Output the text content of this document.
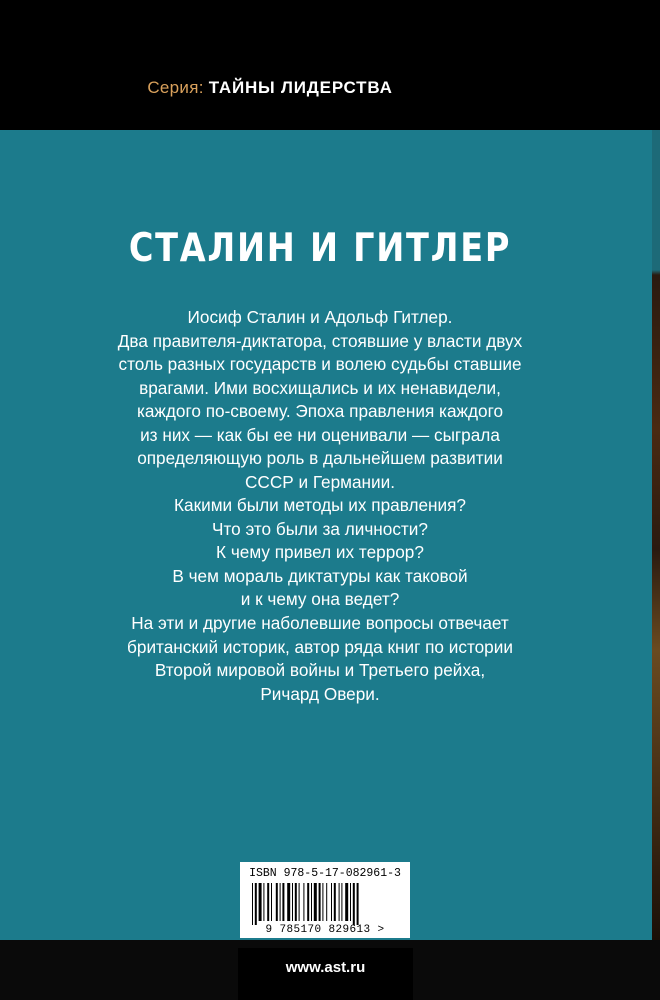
Серия: ТАЙНЫ ЛИДЕРСТВА
СТАЛИН И ГИТЛЕР
Иосиф Сталин и Адольф Гитлер.
Два правителя-диктатора, стоявшие у власти двух
столь разных государств и волею судьбы ставшие
врагами. Ими восхищались и их ненавидели,
каждого по-своему. Эпоха правления каждого
из них — как бы ее ни оценивали — сыграла
определяющую роль в дальнейшем развитии
СССР и Германии.
Какими были методы их правления?
Что это были за личности?
К чему привел их террор?
В чем мораль диктатуры как таковой
и к чему она ведет?
На эти и другие наболевшие вопросы отвечает
британский историк, автор ряда книг по истории
Второй мировой войны и Третьего рейха,
Ричард Овери.
ISBN 978-5-17-082961-3
9 785170 829613 >
www.ast.ru
